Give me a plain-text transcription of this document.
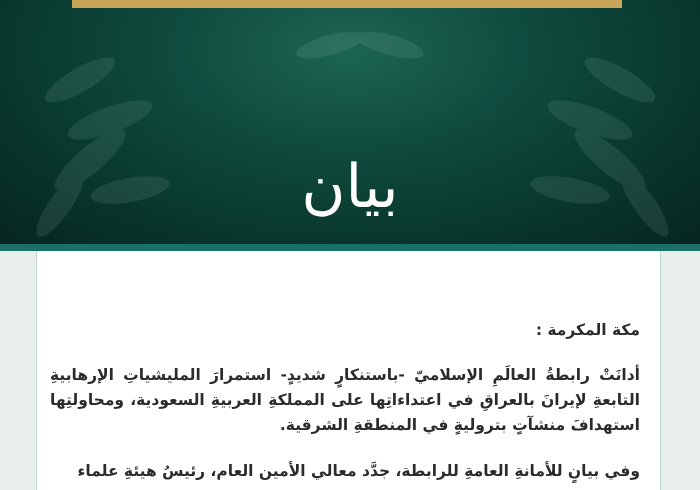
بيان
مكة المكرمة :
أدانَتْ رابطةُ العالَمِ الإسلاميّ -باستنكارٍ شديدٍ- استمرارَ المليشياتِ الإرهابيةِ التابعةِ لإيرانَ بالعراقِ في اعتداءاتِها على المملكةِ العربيةِ السعودية، ومحاولتِها استهدافَ منشآتٍ بتروليةٍ في المنطقةِ الشرقية.
وفي بيانٍ للأمانةِ العامةِ للرابطة، جدَّد معالي الأمين العام، رئيسُ هيئةِ علماء
